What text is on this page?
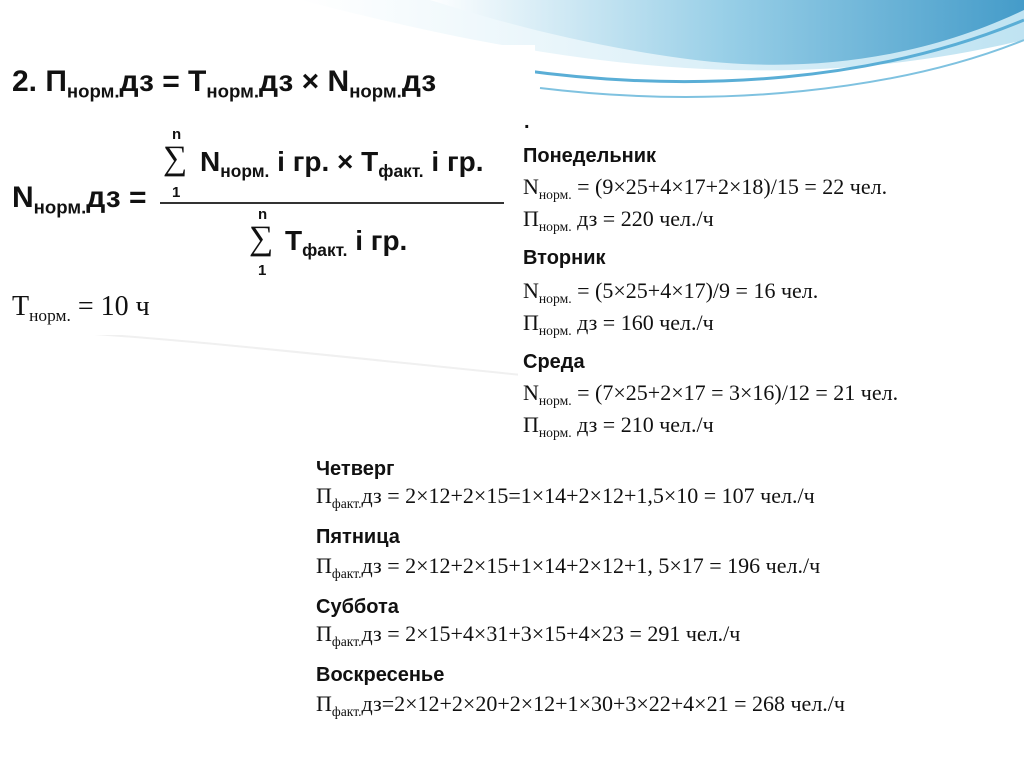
2. $П_{норм.}дз = Т_{норм.}дз \times N_{норм.}дз$
$N_{норм.}дз$ =
n
∑
1
$N_{норм.}$ i гр. × $Т_{факт.}$ i гр.
n
∑
1
$Т_{факт.}$ i гр.
$Т_{норм.} = 10$ ч
.
Понедельник
$N_{норм.} = (9\times 25+4\times 17+2\times 18)/15 = 22$ чел.
$П_{норм.}$ дз = 220 чел./ч
Вторник
$N_{норм.} = (5\times 25+4\times 17)/9 = 16$ чел.
$П_{норм.}$ дз = 160 чел./ч
Среда
$N_{норм.} = (7\times 25+2\times 17 = 3\times 16)/12 = 21$ чел.
$П_{норм.}$ дз = 210 чел./ч
Четверг
$П_{факт.}дз = 2\times 12+2\times 15=1\times 14+2\times 12+1,5\times 10 = 107$ чел./ч
Пятница
$П_{факт.}дз = 2\times 12+2\times 15+1\times 14+2\times 12+1$, 5×17 = 196 чел./ч
Суббота
$П_{факт.}дз = 2\times 15+4\times 31+3\times 15+4\times 23 = 291$ чел./ч
Воскресенье
$П_{факт.}дз=2\times 12+2\times 20+2\times 12+1\times 30+3\times 22+4\times 21 = 268$ чел./ч
